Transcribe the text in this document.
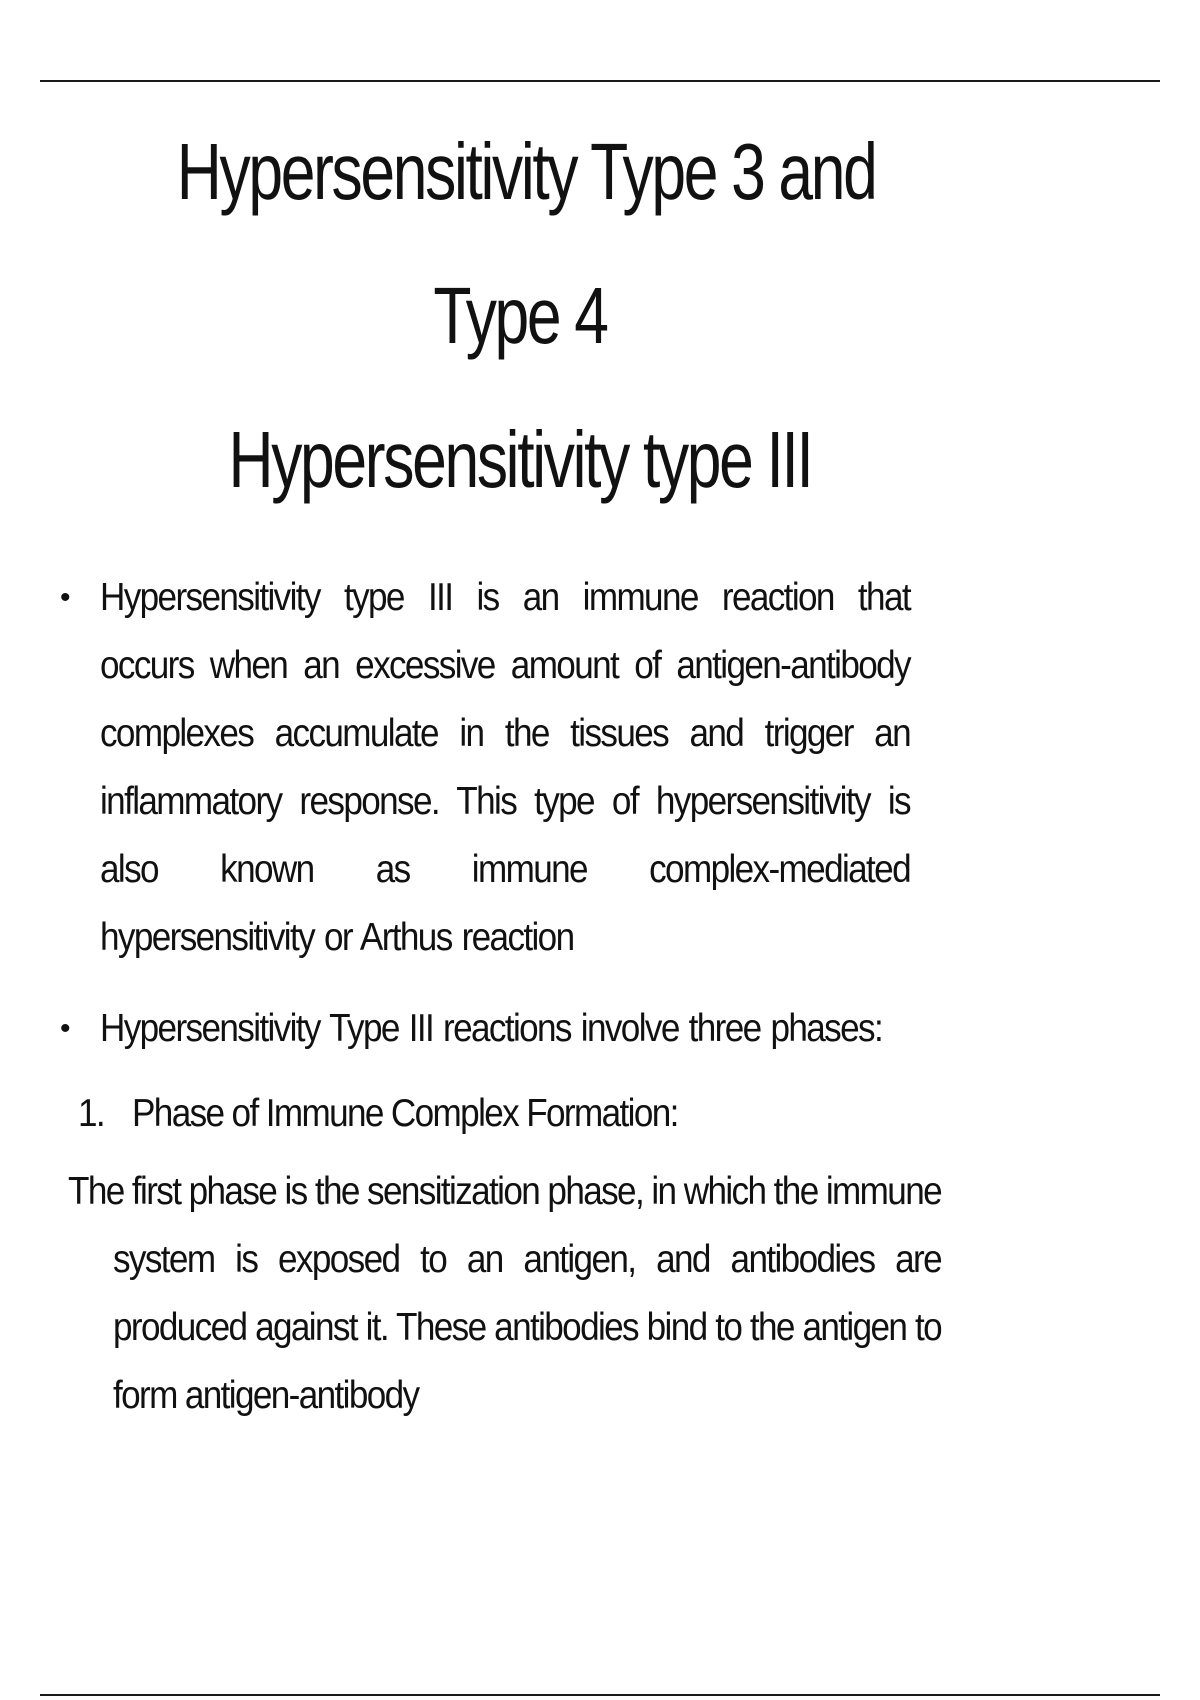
Hypersensitivity Type 3 and
Type 4
Hypersensitivity type III
• Hypersensitivity type III is an immune reaction that occurs when an excessive amount of antigen-antibody complexes accumulate in the tissues and trigger an inflammatory response. This type of hypersensitivity is also known as immune complex-mediated hypersensitivity or Arthus reaction
• Hypersensitivity Type III reactions involve three phases:
1. Phase of Immune Complex Formation:
The first phase is the sensitization phase, in which the immune system is exposed to an antigen, and antibodies are produced against it. These antibodies bind to the antigen to form antigen-antibody
